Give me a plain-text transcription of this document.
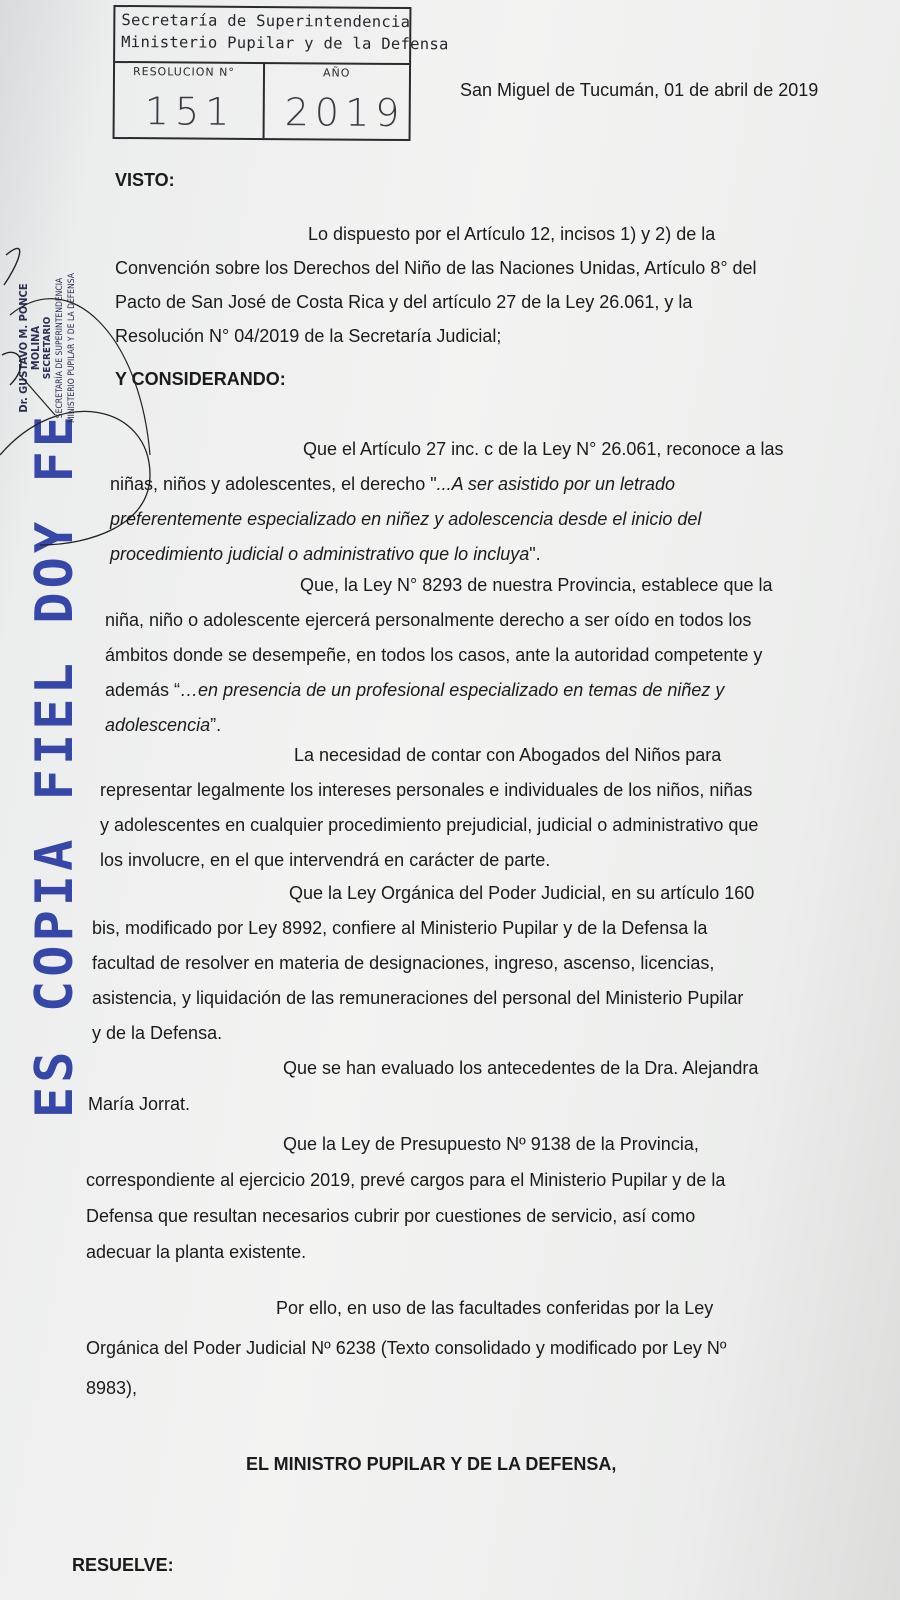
Secretaría de Superintendencia
Ministerio Pupilar y de la Defensa
RESOLUCION N°	AÑO
151 2019
San Miguel de Tucumán, 01 de abril de 2019
VISTO:
Lo dispuesto por el Artículo 12, incisos 1) y 2) de la
Convención sobre los Derechos del Niño de las Naciones Unidas, Artículo 8° del
Pacto de San José de Costa Rica y del artículo 27 de la Ley 26.061, y la
Resolución N° 04/2019 de la Secretaría Judicial;
Y CONSIDERANDO:
Que el Artículo 27 inc. c de la Ley N° 26.061, reconoce a las
niñas, niños y adolescentes, el derecho "...A ser asistido por un letrado
preferentemente especializado en niñez y adolescencia desde el inicio del
procedimiento judicial o administrativo que lo incluya".
Que, la Ley N° 8293 de nuestra Provincia, establece que la
niña, niño o adolescente ejercerá personalmente derecho a ser oído en todos los
ámbitos donde se desempeñe, en todos los casos, ante la autoridad competente y
además “…en presencia de un profesional especializado en temas de niñez y
adolescencia”.
La necesidad de contar con Abogados del Niños para
representar legalmente los intereses personales e individuales de los niños, niñas
y adolescentes en cualquier procedimiento prejudicial, judicial o administrativo que
los involucre, en el que intervendrá en carácter de parte.
Que la Ley Orgánica del Poder Judicial, en su artículo 160
bis, modificado por Ley 8992, confiere al Ministerio Pupilar y de la Defensa la
facultad de resolver en materia de designaciones, ingreso, ascenso, licencias,
asistencia, y liquidación de las remuneraciones del personal del Ministerio Pupilar
y de la Defensa.
Que se han evaluado los antecedentes de la Dra. Alejandra
María Jorrat.
Que la Ley de Presupuesto Nº 9138 de la Provincia,
correspondiente al ejercicio 2019, prevé cargos para el Ministerio Pupilar y de la
Defensa que resultan necesarios cubrir por cuestiones de servicio, así como
adecuar la planta existente.
Por ello, en uso de las facultades conferidas por la Ley
Orgánica del Poder Judicial Nº 6238 (Texto consolidado y modificado por Ley Nº
8983),
EL MINISTRO PUPILAR Y DE LA DEFENSA,
RESUELVE:
ES COPIA FIEL DOY FE
Dr. GUSTAVO M. PONCE MOLINA SECRETARIO SECRETARÍA DE SUPERINTENDENCIA MINISTERIO PUPILAR Y DE LA DEFENSA
